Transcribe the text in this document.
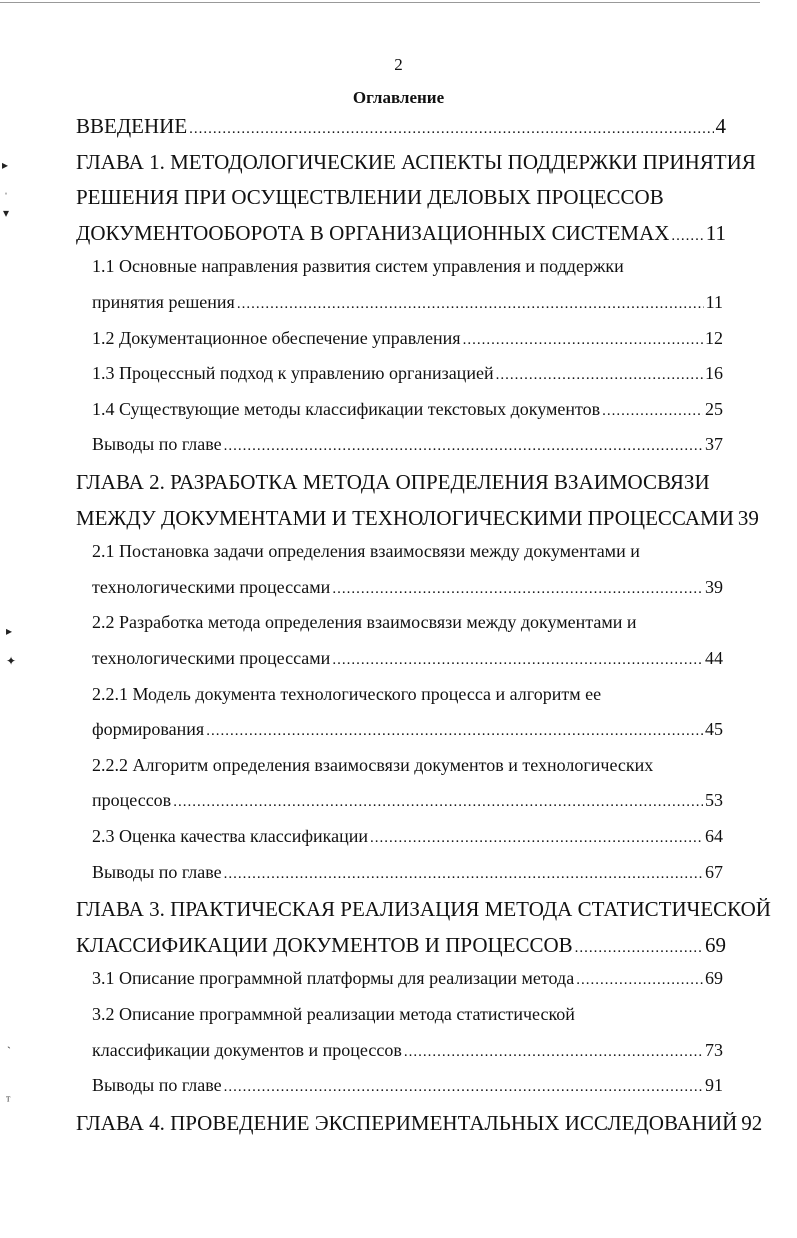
2
Оглавление
ВВЕДЕНИЕ .....	4
ГЛАВА 1. МЕТОДОЛОГИЧЕСКИЕ АСПЕКТЫ ПОДДЕРЖКИ ПРИНЯТИЯ
РЕШЕНИЯ ПРИ ОСУЩЕСТВЛЕНИИ ДЕЛОВЫХ ПРОЦЕССОВ
ДОКУМЕНТООБОРОТА В ОРГАНИЗАЦИОННЫХ СИСТЕМАХ ..... 11
1.1 Основные направления развития систем управления и поддержки
принятия решения .....	11
1.2 Документационное обеспечение управления .....	12
1.3 Процессный подход к управлению организацией .....	16
1.4 Существующие методы классификации текстовых документов .....	25
Выводы по главе .....	37
ГЛАВА 2. РАЗРАБОТКА МЕТОДА ОПРЕДЕЛЕНИЯ ВЗАИМОСВЯЗИ
МЕЖДУ ДОКУМЕНТАМИ И ТЕХНОЛОГИЧЕСКИМИ ПРОЦЕССАМИ 39
2.1 Постановка задачи определения взаимосвязи между документами и
технологическими процессами .....	39
2.2 Разработка метода определения взаимосвязи между документами и
технологическими процессами .....	44
2.2.1 Модель документа технологического процесса и алгоритм ее
формирования .....	45
2.2.2 Алгоритм определения взаимосвязи документов и технологических
процессов .....	53
2.3 Оценка качества классификации .....	64
Выводы по главе .....	67
ГЛАВА 3. ПРАКТИЧЕСКАЯ РЕАЛИЗАЦИЯ МЕТОДА СТАТИСТИЧЕСКОЙ
КЛАССИФИКАЦИИ ДОКУМЕНТОВ И ПРОЦЕССОВ .....	69
3.1 Описание программной платформы для реализации метода .....	69
3.2 Описание программной реализации метода статистической
классификации документов и процессов .....	73
Выводы по главе .....	91
ГЛАВА 4. ПРОВЕДЕНИЕ ЭКСПЕРИМЕНТАЛЬНЫХ ИССЛЕДОВАНИЙ 92
▸
ˈ
▾
▸
✦
ˋ
ᵀ
